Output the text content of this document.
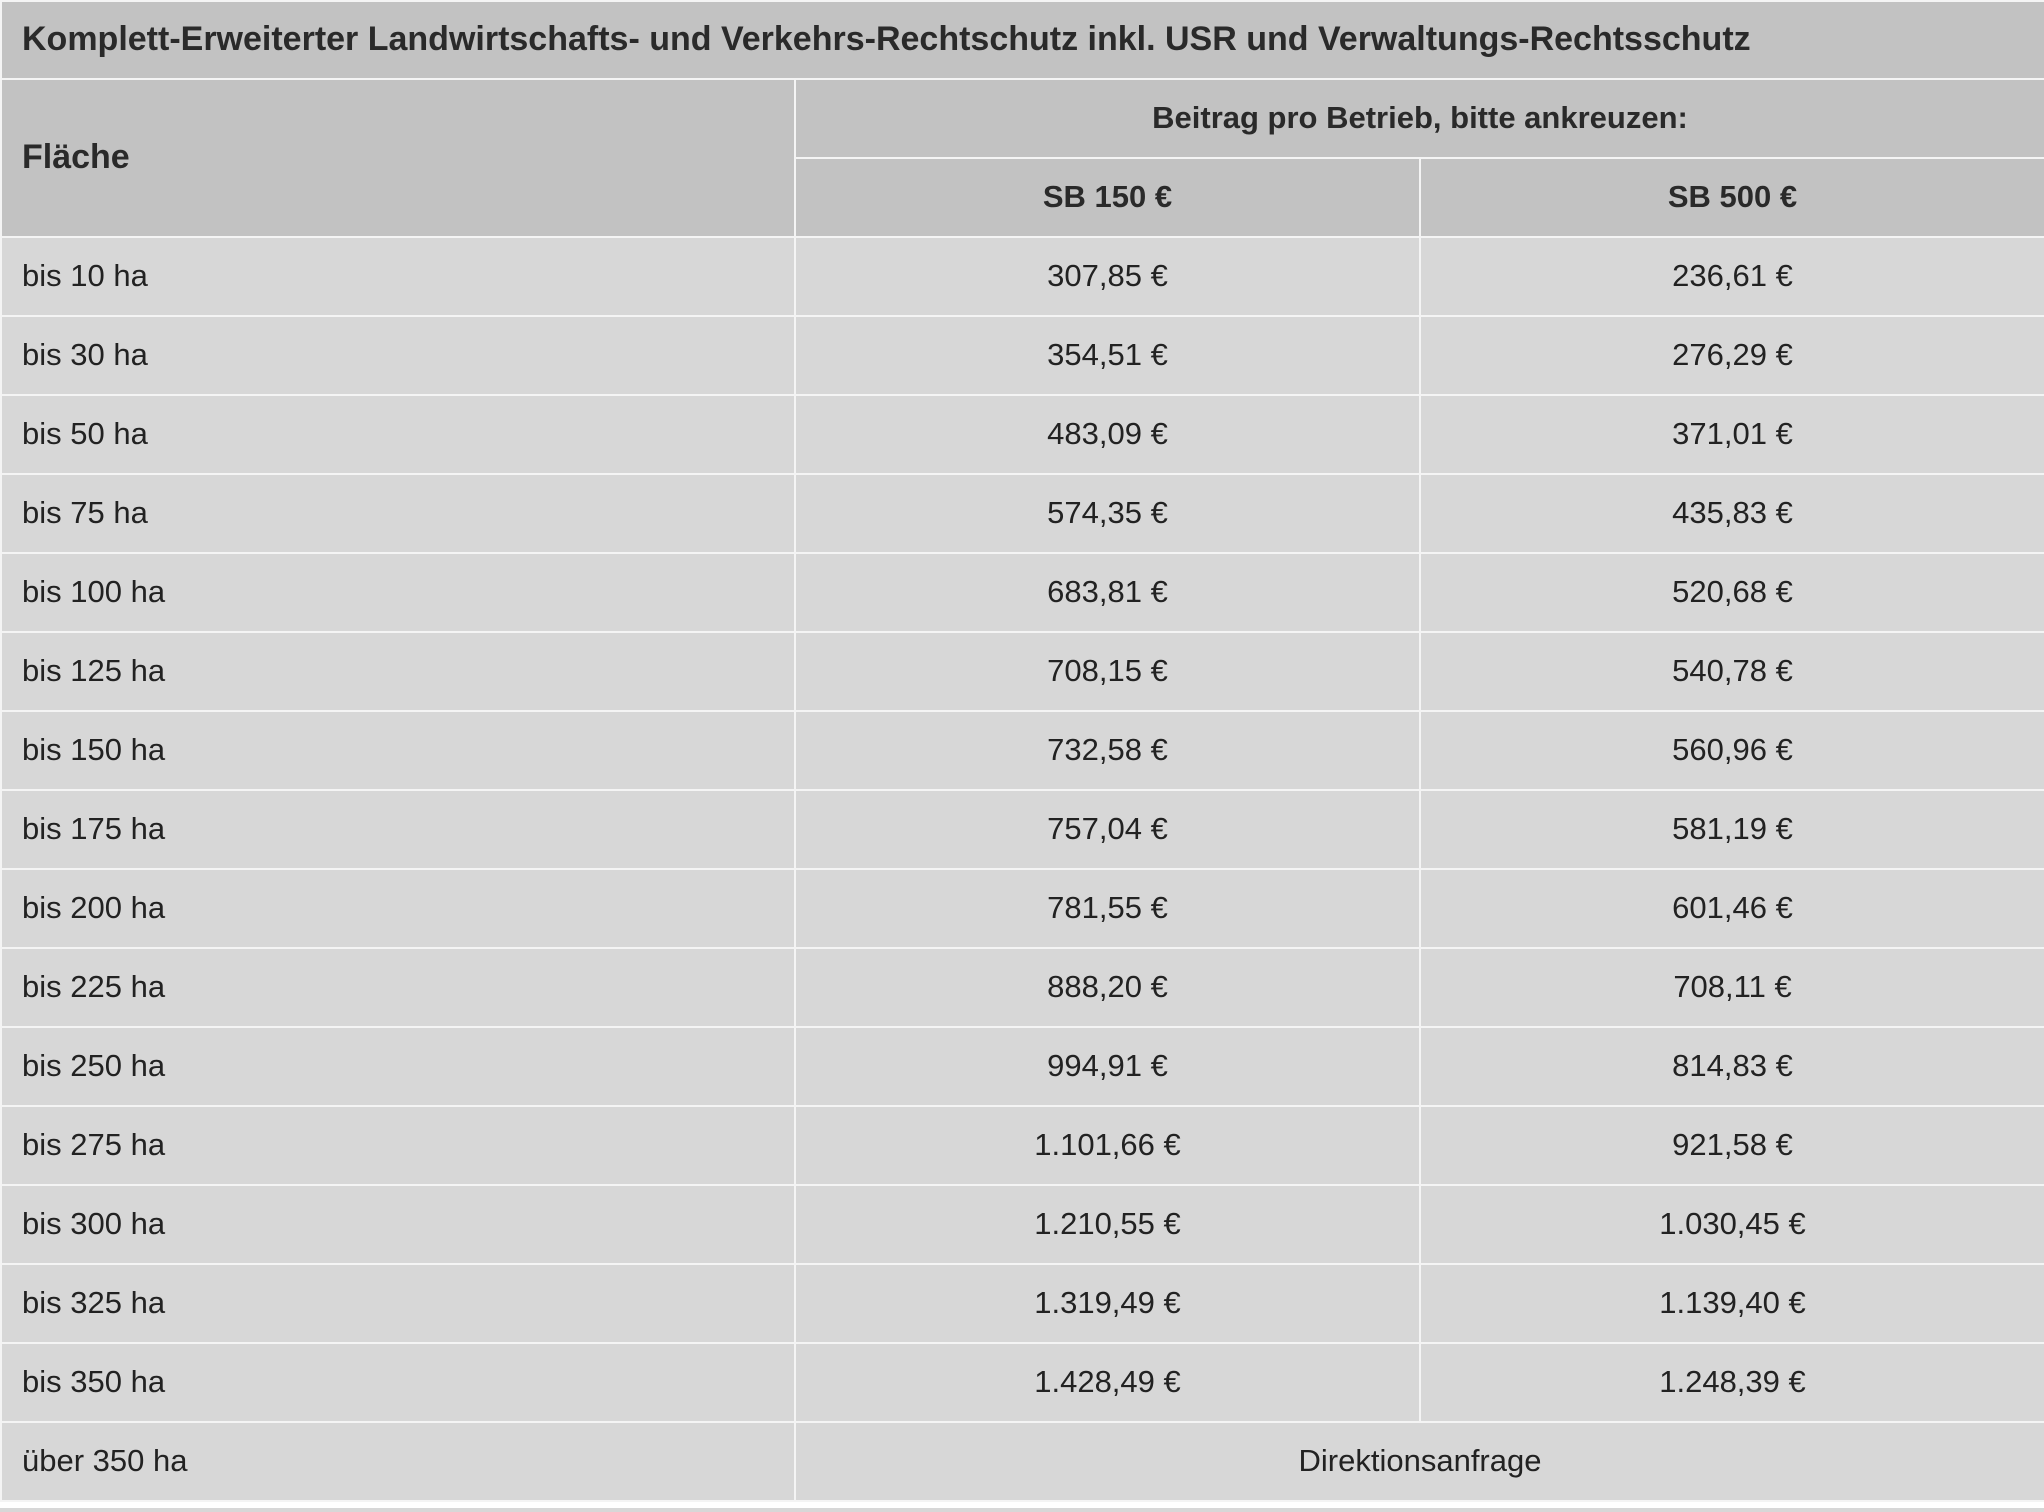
Komplett-Erweiterter Landwirtschafts- und Verkehrs-Rechtschutz inkl. USR und Verwaltungs-Rechtsschutz		
Fläche	Beitrag pro Betrieb, bitte ankreuzen:	
	SB 150 €	SB 500 €
bis 10 ha	307,85 €	236,61 €
bis 30 ha	354,51 €	276,29 €
bis 50 ha	483,09 €	371,01 €
bis 75 ha	574,35 €	435,83 €
bis 100 ha	683,81 €	520,68 €
bis 125 ha	708,15 €	540,78 €
bis 150 ha	732,58 €	560,96 €
bis 175 ha	757,04 €	581,19 €
bis 200 ha	781,55 €	601,46 €
bis 225 ha	888,20 €	708,11 €
bis 250 ha	994,91 €	814,83 €
bis 275 ha	1.101,66 €	921,58 €
bis 300 ha	1.210,55 €	1.030,45 €
bis 325 ha	1.319,49 €	1.139,40 €
bis 350 ha	1.428,49 €	1.248,39 €
über 350 ha	Direktionsanfrage	
